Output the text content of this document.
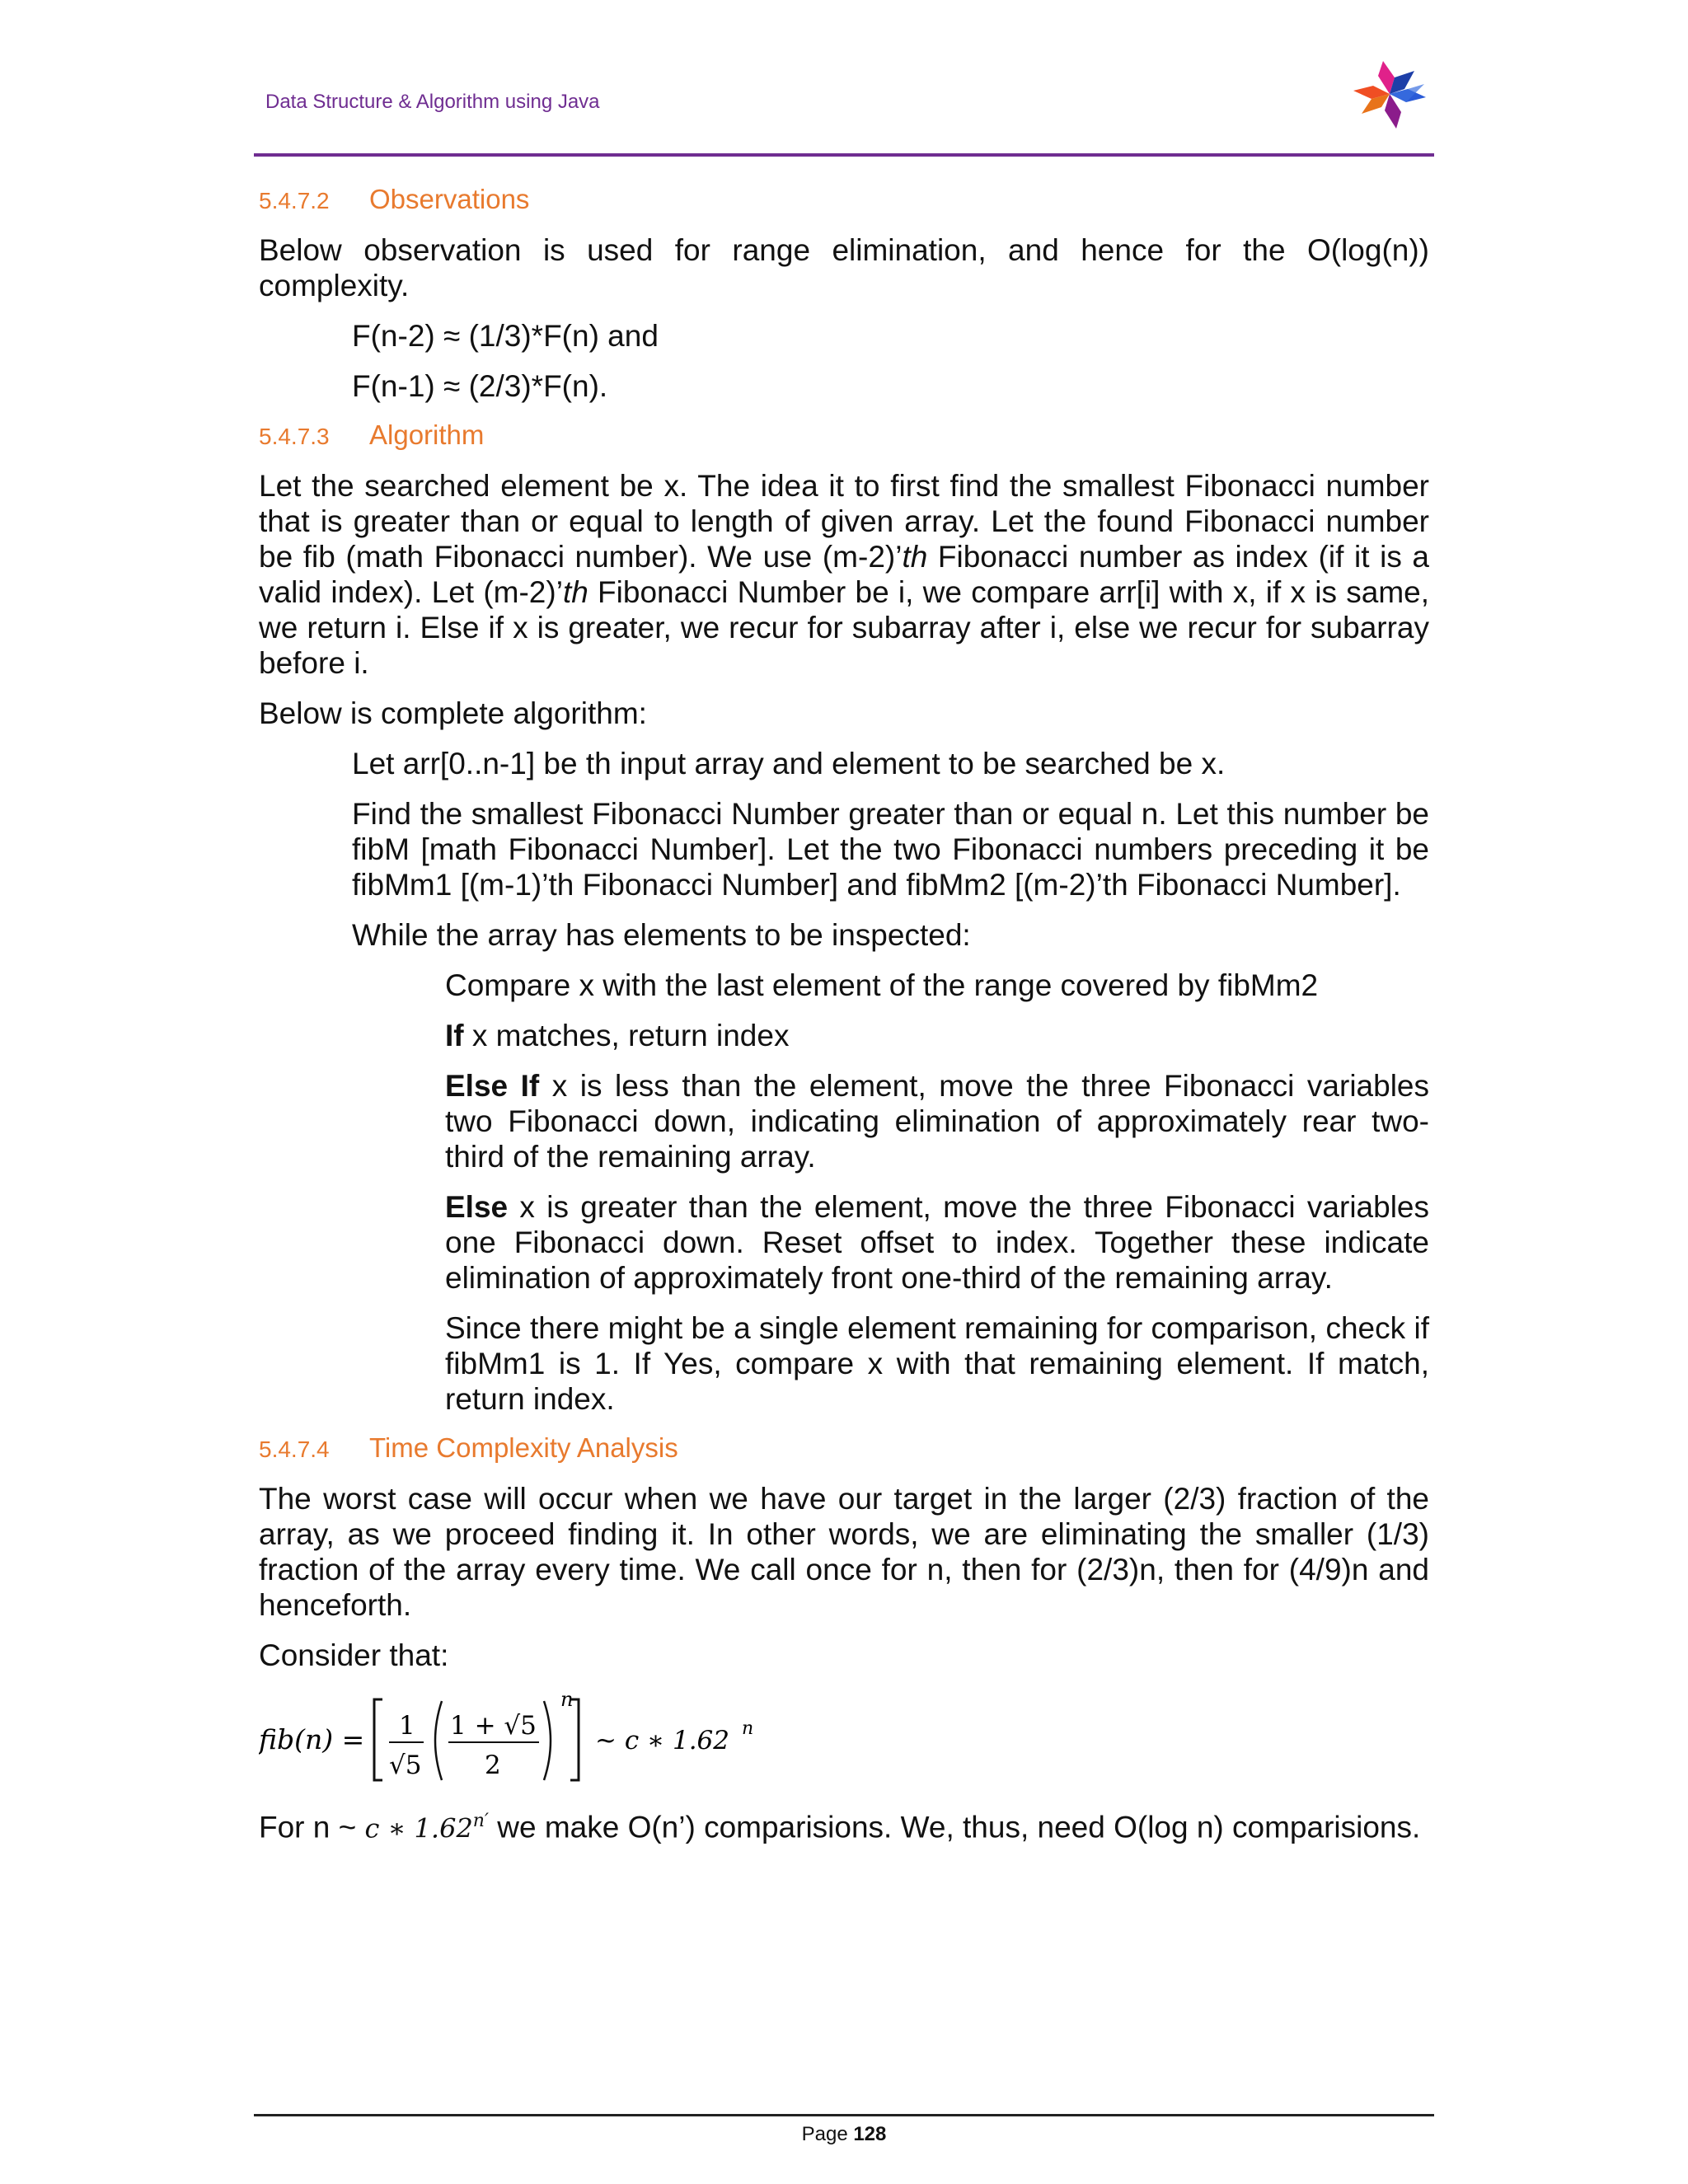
Data Structure & Algorithm using Java
5.4.7.2 Observations

Below observation is used for range elimination, and hence for the O(log(n)) complexity.

F(n-2) ≈ (1/3)*F(n) and
F(n-1) ≈ (2/3)*F(n).
5.4.7.3 Algorithm

Let the searched element be x. The idea it to first find the smallest Fibonacci number that is greater than or equal to length of given array. Let the found Fibonacci number be fib (math Fibonacci number). We use (m-2)’th Fibonacci number as index (if it is a valid index). Let (m-2)’th Fibonacci Number be i, we compare arr[i] with x, if x is same, we return i. Else if x is greater, we recur for subarray after i, else we recur for subarray before i.

Below is complete algorithm:

Let arr[0..n-1] be th input array and element to be searched be x.

Find the smallest Fibonacci Number greater than or equal n. Let this number be fibM [math Fibonacci Number]. Let the two Fibonacci numbers preceding it be fibMm1 [(m-1)’th Fibonacci Number] and fibMm2 [(m-2)’th Fibonacci Number].

While the array has elements to be inspected:

Compare x with the last element of the range covered by fibMm2

If x matches, return index

Else If x is less than the element, move the three Fibonacci variables two Fibonacci down, indicating elimination of approximately rear two-third of the remaining array.

Else x is greater than the element, move the three Fibonacci variables one Fibonacci down. Reset offset to index. Together these indicate elimination of approximately front one-third of the remaining array.

Since there might be a single element remaining for comparison, check if fibMm1 is 1. If Yes, compare x with that remaining element. If match, return index.

5.4.7.4 Time Complexity Analysis

The worst case will occur when we have our target in the larger (2/3) fraction of the array, as we proceed finding it. In other words, we are eliminating the smaller (1/3) fraction of the array every time. We call once for n, then for (2/3)n, then for (4/9)n and henceforth.

Consider that:

fib(n) = 1
√5
1 + √5
2
n
~ c ∗ 1.62 n

For n ~ c ∗ $1.62^{n'}$ we make O(n’) comparisions. We, thus, need O(log n) comparisions.

Page 128
